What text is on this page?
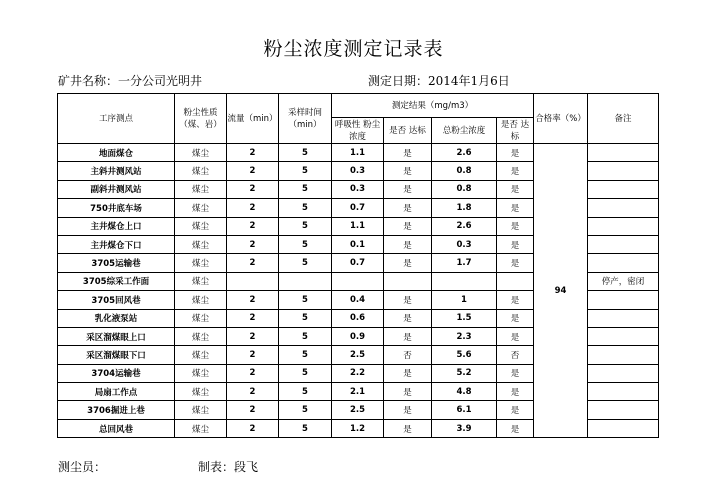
粉尘浓度测定记录表
矿井名称：一分公司光明井	测定日期：2014年1月6日
工序测点	粉尘性质 （煤、岩）	流量（min）	采样时间（min）	测定结果（mg/m3）				合格率（%）	备注
				呼吸性 粉尘浓度	是否 达标	总粉尘浓度	是否 达标		
地面煤仓	煤尘	2	5	1.1	是	2.6	是	94	
主斜井测风站	煤尘	2	5	0.3	是	0.8	是		
副斜井测风站	煤尘	2	5	0.3	是	0.8	是		
750井底车场	煤尘	2	5	0.7	是	1.8	是		
主井煤仓上口	煤尘	2	5	1.1	是	2.6	是		
主井煤仓下口	煤尘	2	5	0.1	是	0.3	是		
3705运输巷	煤尘	2	5	0.7	是	1.7	是		
3705综采工作面	煤尘								停产，密闭
3705回风巷	煤尘	2	5	0.4	是	1	是		
乳化液泵站	煤尘	2	5	0.6	是	1.5	是		
采区溜煤眼上口	煤尘	2	5	0.9	是	2.3	是		
采区溜煤眼下口	煤尘	2	5	2.5	否	5.6	否		
3704运输巷	煤尘	2	5	2.2	是	5.2	是		
局扇工作点	煤尘	2	5	2.1	是	4.8	是		
3706掘进上巷	煤尘	2	5	2.5	是	6.1	是		
总回风巷	煤尘	2	5	1.2	是	3.9	是		
测尘员：	制表：段飞
